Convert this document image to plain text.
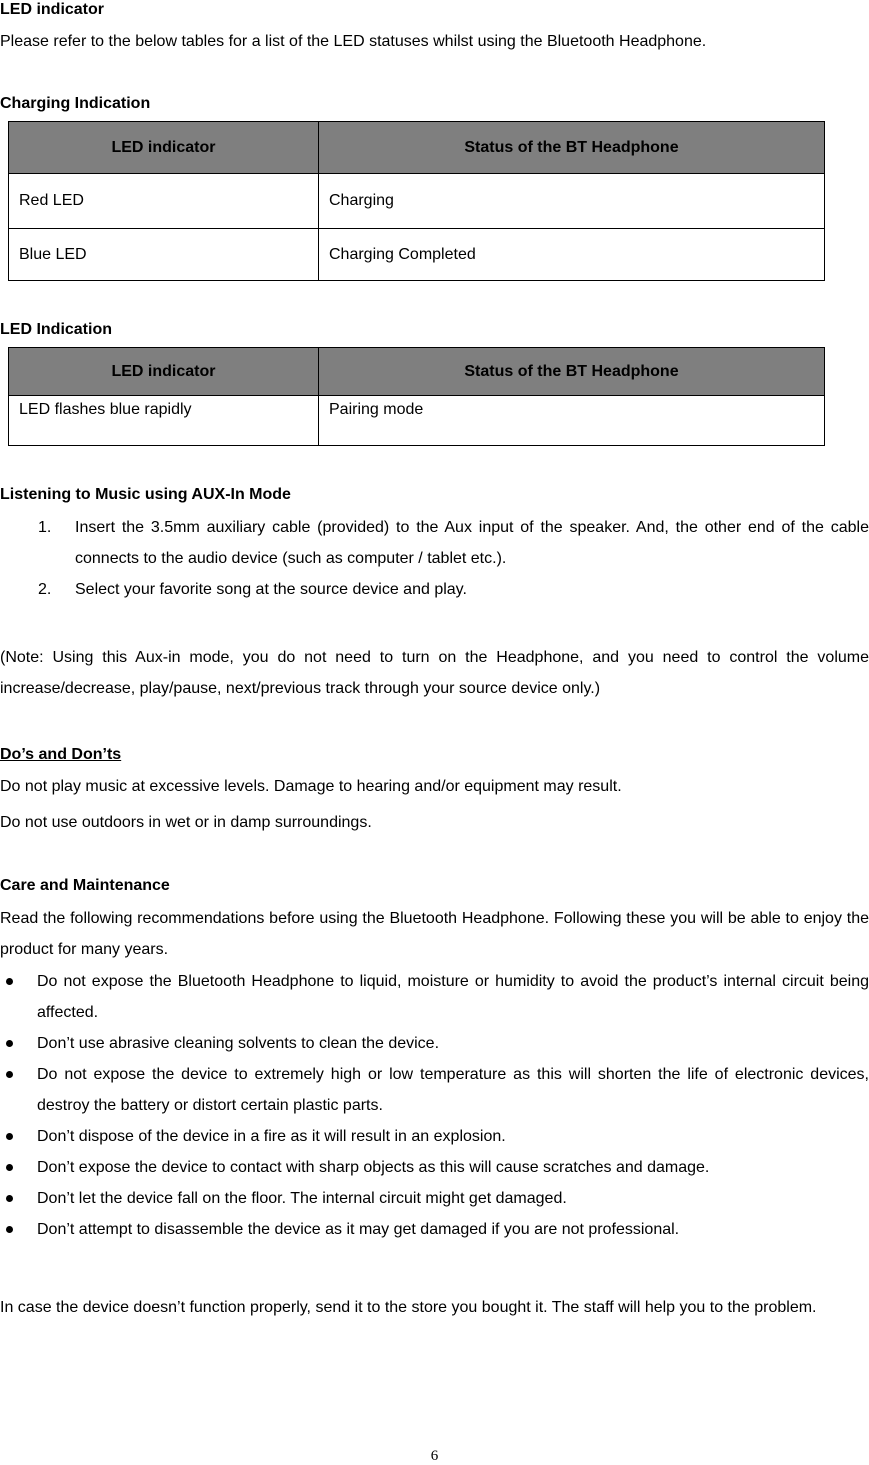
LED indicator
Please refer to the below tables for a list of the LED statuses whilst using the Bluetooth Headphone.
Charging Indication
LED indicator	Status of the BT Headphone
Red LED	Charging
Blue LED	Charging Completed
LED Indication
LED indicator	Status of the BT Headphone
LED flashes blue rapidly	Pairing mode
Listening to Music using AUX-In Mode
1. Insert the 3.5mm auxiliary cable (provided) to the Aux input of the speaker. And, the other end of the cable connects to the audio device (such as computer / tablet etc.).
2. Select your favorite song at the source device and play.
(Note: Using this Aux-in mode, you do not need to turn on the Headphone, and you need to control the volume increase/decrease, play/pause, next/previous track through your source device only.)
Do’s and Don’ts
Do not play music at excessive levels. Damage to hearing and/or equipment may result.
Do not use outdoors in wet or in damp surroundings.
Care and Maintenance
Read the following recommendations before using the Bluetooth Headphone. Following these you will be able to enjoy the product for many years.
Do not expose the Bluetooth Headphone to liquid, moisture or humidity to avoid the product’s internal circuit being affected.
Don’t use abrasive cleaning solvents to clean the device.
Do not expose the device to extremely high or low temperature as this will shorten the life of electronic devices, destroy the battery or distort certain plastic parts.
Don’t dispose of the device in a fire as it will result in an explosion.
Don’t expose the device to contact with sharp objects as this will cause scratches and damage.
Don’t let the device fall on the floor. The internal circuit might get damaged.
Don’t attempt to disassemble the device as it may get damaged if you are not professional.
In case the device doesn’t function properly, send it to the store you bought it. The staff will help you to the problem.
6
